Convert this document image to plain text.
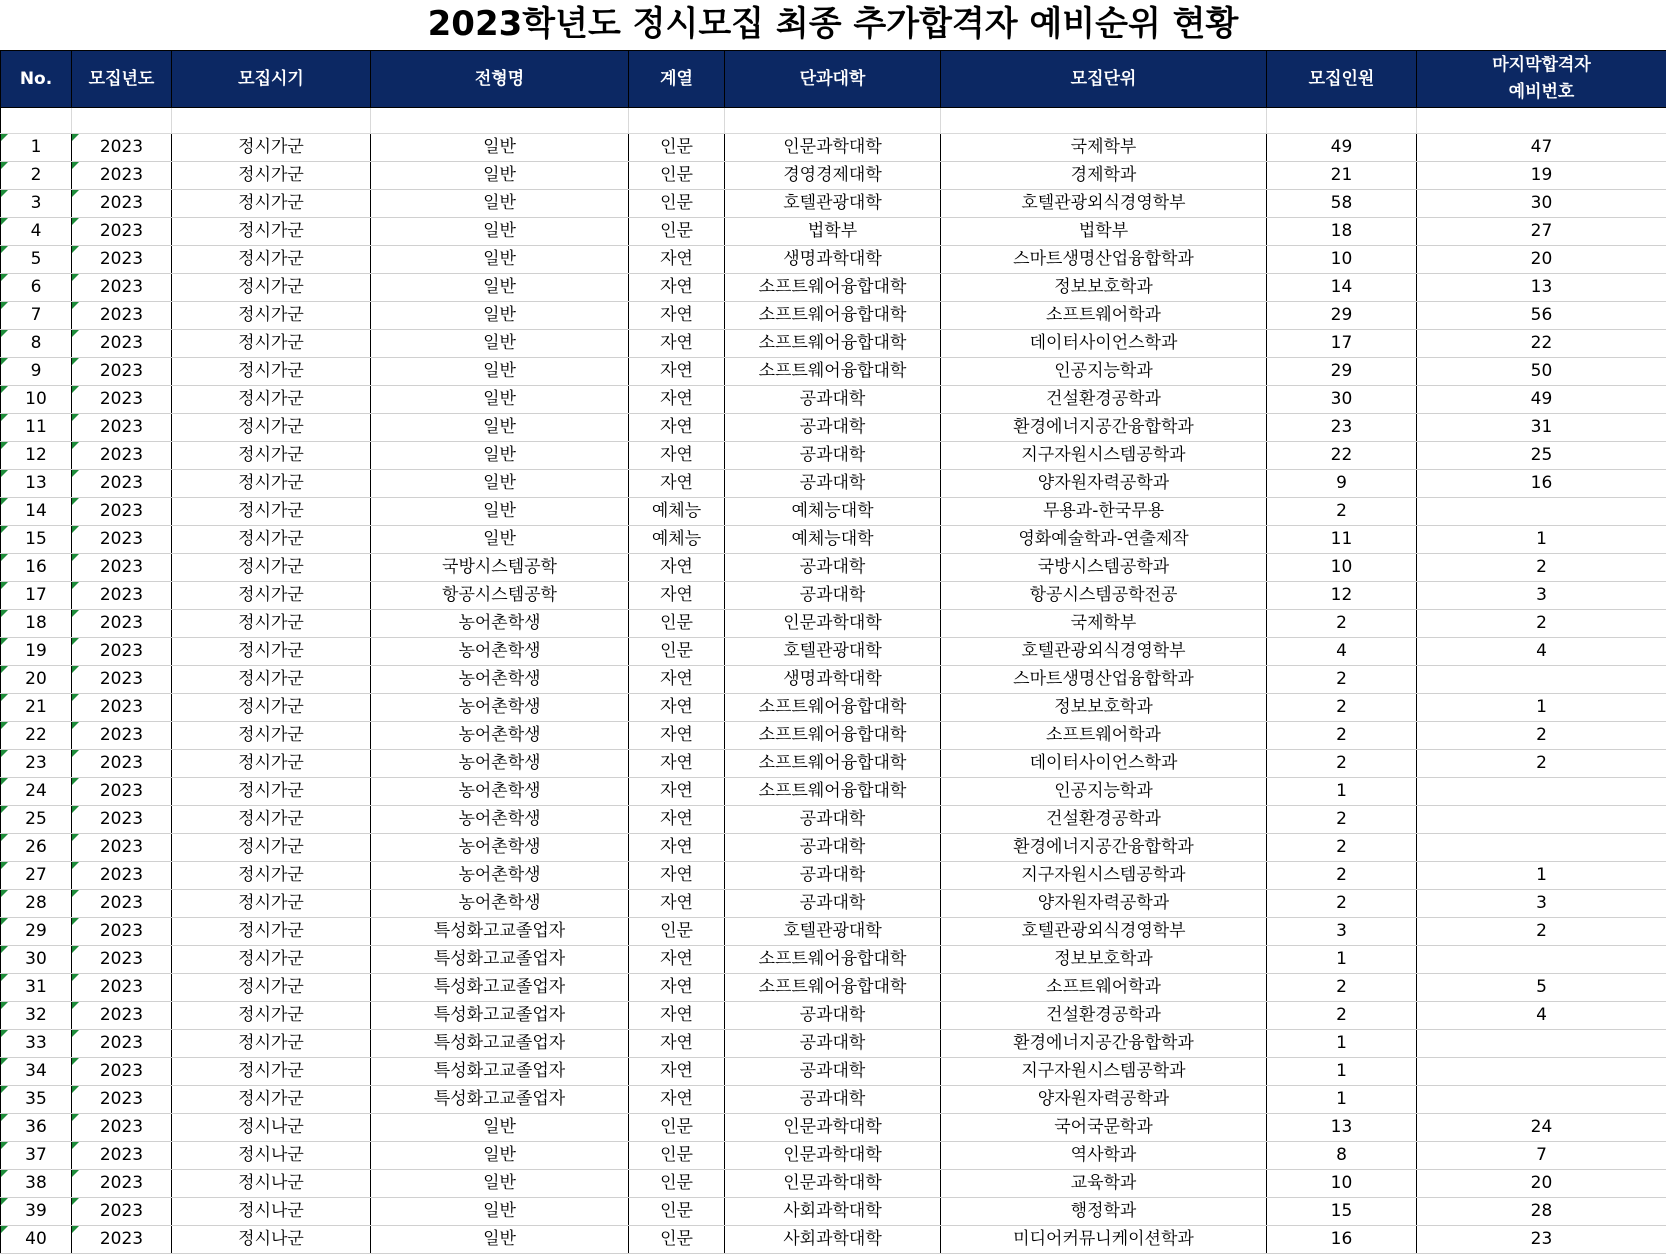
2023학년도 정시모집 최종 추가합격자 예비순위 현황

No.	모집년도	모집시기	전형명	계열	단과대학	모집단위	모집인원	마지막합격자
예비번호
1	2023	정시가군	일반	인문	인문과학대학	국제학부	49	47
2	2023	정시가군	일반	인문	경영경제대학	경제학과	21	19
3	2023	정시가군	일반	인문	호텔관광대학	호텔관광외식경영학부	58	30
4	2023	정시가군	일반	인문	법학부	법학부	18	27
5	2023	정시가군	일반	자연	생명과학대학	스마트생명산업융합학과	10	20
6	2023	정시가군	일반	자연	소프트웨어융합대학	정보보호학과	14	13
7	2023	정시가군	일반	자연	소프트웨어융합대학	소프트웨어학과	29	56
8	2023	정시가군	일반	자연	소프트웨어융합대학	데이터사이언스학과	17	22
9	2023	정시가군	일반	자연	소프트웨어융합대학	인공지능학과	29	50
10	2023	정시가군	일반	자연	공과대학	건설환경공학과	30	49
11	2023	정시가군	일반	자연	공과대학	환경에너지공간융합학과	23	31
12	2023	정시가군	일반	자연	공과대학	지구자원시스템공학과	22	25
13	2023	정시가군	일반	자연	공과대학	양자원자력공학과	9	16
14	2023	정시가군	일반	예체능	예체능대학	무용과-한국무용	2	
15	2023	정시가군	일반	예체능	예체능대학	영화예술학과-연출제작	11	1
16	2023	정시가군	국방시스템공학	자연	공과대학	국방시스템공학과	10	2
17	2023	정시가군	항공시스템공학	자연	공과대학	항공시스템공학전공	12	3
18	2023	정시가군	농어촌학생	인문	인문과학대학	국제학부	2	2
19	2023	정시가군	농어촌학생	인문	호텔관광대학	호텔관광외식경영학부	4	4
20	2023	정시가군	농어촌학생	자연	생명과학대학	스마트생명산업융합학과	2	
21	2023	정시가군	농어촌학생	자연	소프트웨어융합대학	정보보호학과	2	1
22	2023	정시가군	농어촌학생	자연	소프트웨어융합대학	소프트웨어학과	2	2
23	2023	정시가군	농어촌학생	자연	소프트웨어융합대학	데이터사이언스학과	2	2
24	2023	정시가군	농어촌학생	자연	소프트웨어융합대학	인공지능학과	1	
25	2023	정시가군	농어촌학생	자연	공과대학	건설환경공학과	2	
26	2023	정시가군	농어촌학생	자연	공과대학	환경에너지공간융합학과	2	
27	2023	정시가군	농어촌학생	자연	공과대학	지구자원시스템공학과	2	1
28	2023	정시가군	농어촌학생	자연	공과대학	양자원자력공학과	2	3
29	2023	정시가군	특성화고교졸업자	인문	호텔관광대학	호텔관광외식경영학부	3	2
30	2023	정시가군	특성화고교졸업자	자연	소프트웨어융합대학	정보보호학과	1	
31	2023	정시가군	특성화고교졸업자	자연	소프트웨어융합대학	소프트웨어학과	2	5
32	2023	정시가군	특성화고교졸업자	자연	공과대학	건설환경공학과	2	4
33	2023	정시가군	특성화고교졸업자	자연	공과대학	환경에너지공간융합학과	1	
34	2023	정시가군	특성화고교졸업자	자연	공과대학	지구자원시스템공학과	1	
35	2023	정시가군	특성화고교졸업자	자연	공과대학	양자원자력공학과	1	
36	2023	정시나군	일반	인문	인문과학대학	국어국문학과	13	24
37	2023	정시나군	일반	인문	인문과학대학	역사학과	8	7
38	2023	정시나군	일반	인문	인문과학대학	교육학과	10	20
39	2023	정시나군	일반	인문	사회과학대학	행정학과	15	28
40	2023	정시나군	일반	인문	사회과학대학	미디어커뮤니케이션학과	16	23
